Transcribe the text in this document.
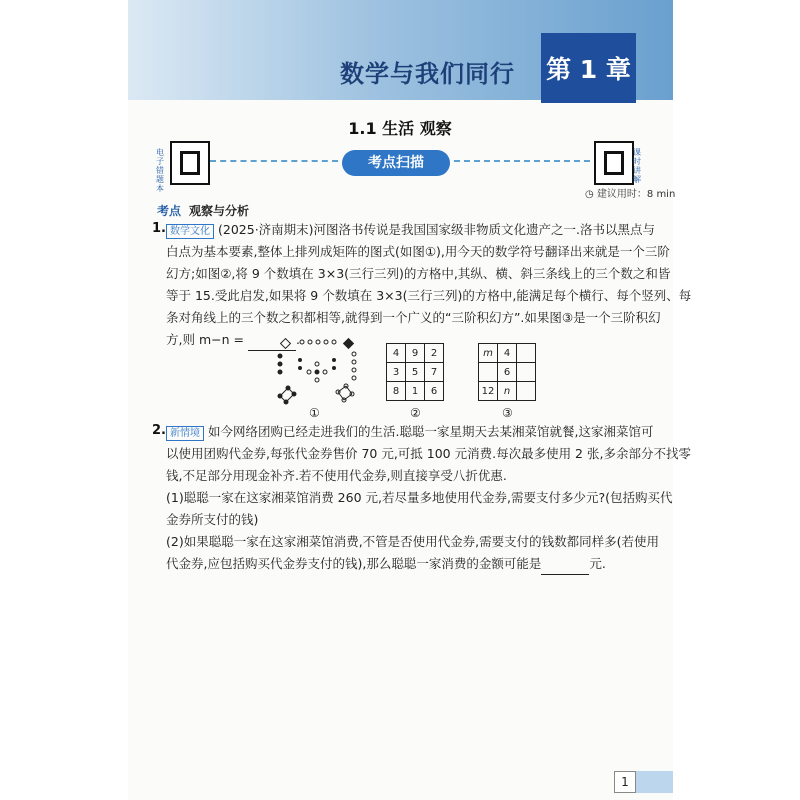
数学与我们同行 第 1 章
1.1 生活 观察
电子错题本
课时讲解
考点扫描
◷ 建议用时：8 min
考点 观察与分析
1. 数学文化 (2025·济南期末)河图洛书传说是我国国家级非物质文化遗产之一.洛书以黑点与
白点为基本要素,整体上排列成矩阵的图式(如图①),用今天的数学符号翻译出来就是一个三阶
幻方;如图②,将 9 个数填在 3×3(三行三列)的方格中,其纵、横、斜三条线上的三个数之和皆
等于 15.受此启发,如果将 9 个数填在 3×3(三行三列)的方格中,能满足每个横行、每个竖列、每
条对角线上的三个数之积都相等,就得到一个广义的“三阶积幻方”.如果图③是一个三阶积幻
方,则 m−n =	.
①
4	9	2
3	5	7
8	1	6
②
m	4	
	6	
12	n	
③
2. 新情境 如今网络团购已经走进我们的生活.聪聪一家星期天去某湘菜馆就餐,这家湘菜馆可
以使用团购代金券,每张代金券售价 70 元,可抵 100 元消费.每次最多使用 2 张,多余部分不找零
钱,不足部分用现金补齐.若不使用代金券,则直接享受八折优惠.
(1)聪聪一家在这家湘菜馆消费 260 元,若尽量多地使用代金券,需要支付多少元?(包括购买代
金券所支付的钱)
(2)如果聪聪一家在这家湘菜馆消费,不管是否使用代金券,需要支付的钱数都同样多(若使用
代金券,应包括购买代金券支付的钱),那么聪聪一家消费的金额可能是	元.
1
